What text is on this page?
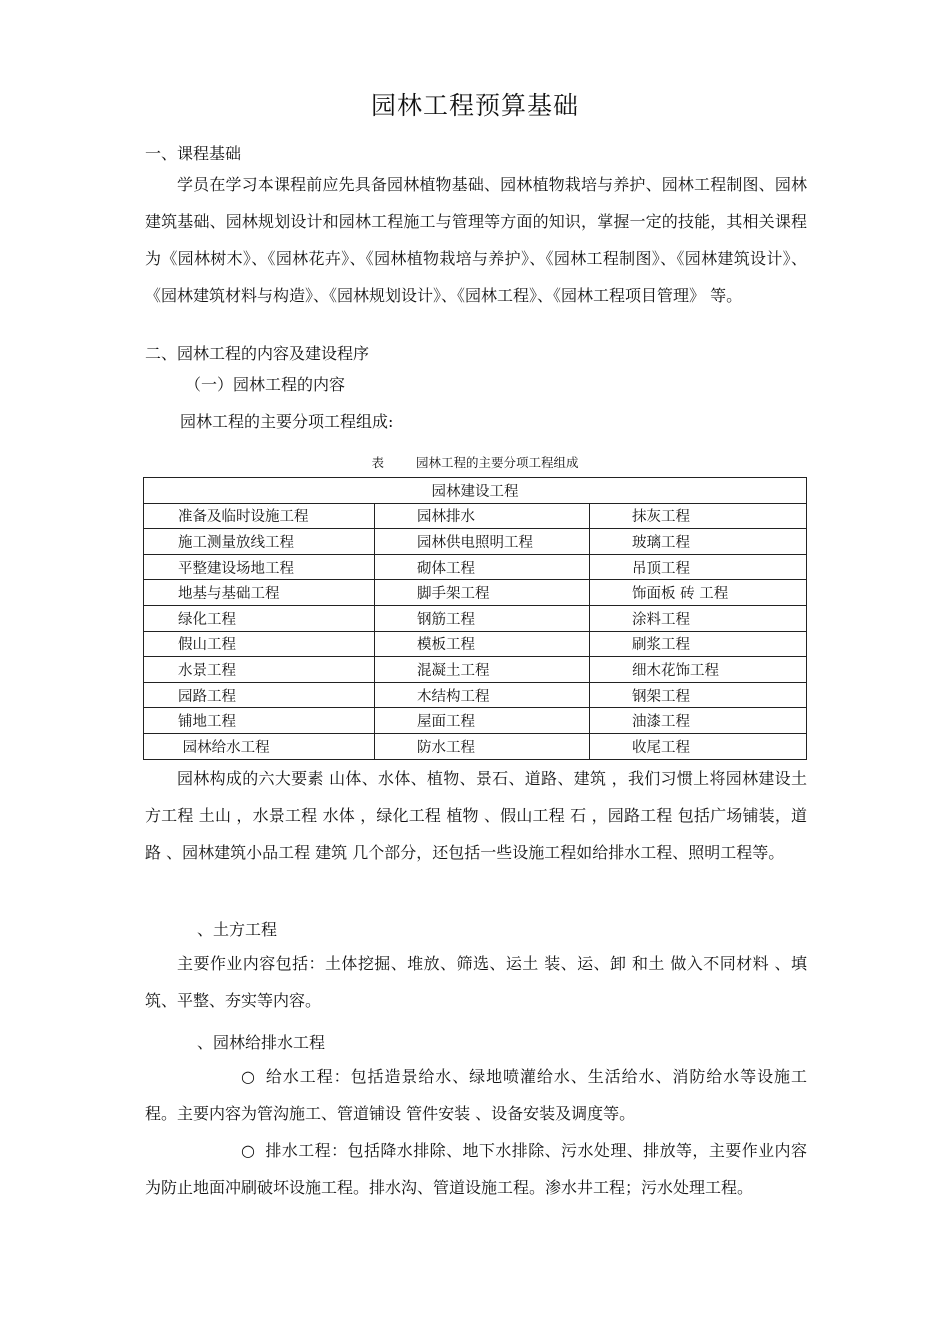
园林工程预算基础
一、课程基础
学员在学习本课程前应先具备园林植物基础、园林植物栽培与养护、园林工程制图、园林建筑基础、园林规划设计和园林工程施工与管理等方面的知识，掌握一定的技能，其相关课程为《园林树木》、《园林花卉》、《园林植物栽培与养护》、《园林工程制图》、《园林建筑设计》、《园林建筑材料与构造》、《园林规划设计》、《园林工程》、《园林工程项目管理》 等。
二、园林工程的内容及建设程序
（一）园林工程的内容
园林工程的主要分项工程组成:
表	园林工程的主要分项工程组成
园林建设工程		
准备及临时设施工程	园林排水	抹灰工程
施工测量放线工程	园林供电照明工程	玻璃工程
平整建设场地工程	砌体工程	吊顶工程
地基与基础工程	脚手架工程	饰面板 砖 工程
绿化工程	钢筋工程	涂料工程
假山工程	模板工程	刷浆工程
水景工程	混凝土工程	细木花饰工程
园路工程	木结构工程	钢架工程
铺地工程	屋面工程	油漆工程
园林给水工程	防水工程	收尾工程
园林构成的六大要素 山体、水体、植物、景石、道路、建筑 ，我们习惯上将园林建设土方工程 土山 ，水景工程 水体 ，绿化工程 植物 、假山工程 石 ，园路工程 包括广场铺装，道路 、园林建筑小品工程 建筑 几个部分，还包括一些设施工程如给排水工程、照明工程等。
、土方工程
主要作业内容包括：土体挖掘、堆放、筛选、运土 装、运、卸 和土 做入不同材料 、填筑、平整、夯实等内容。
、园林给排水工程
○ 给水工程：包括造景给水、绿地喷灌给水、生活给水、消防给水等设施工程。主要内容为管沟施工、管道铺设 管件安装 、设备安装及调度等。
○ 排水工程：包括降水排除、地下水排除、污水处理、排放等，主要作业内容为防止地面冲刷破坏设施工程。排水沟、管道设施工程。渗水井工程；污水处理工程。
